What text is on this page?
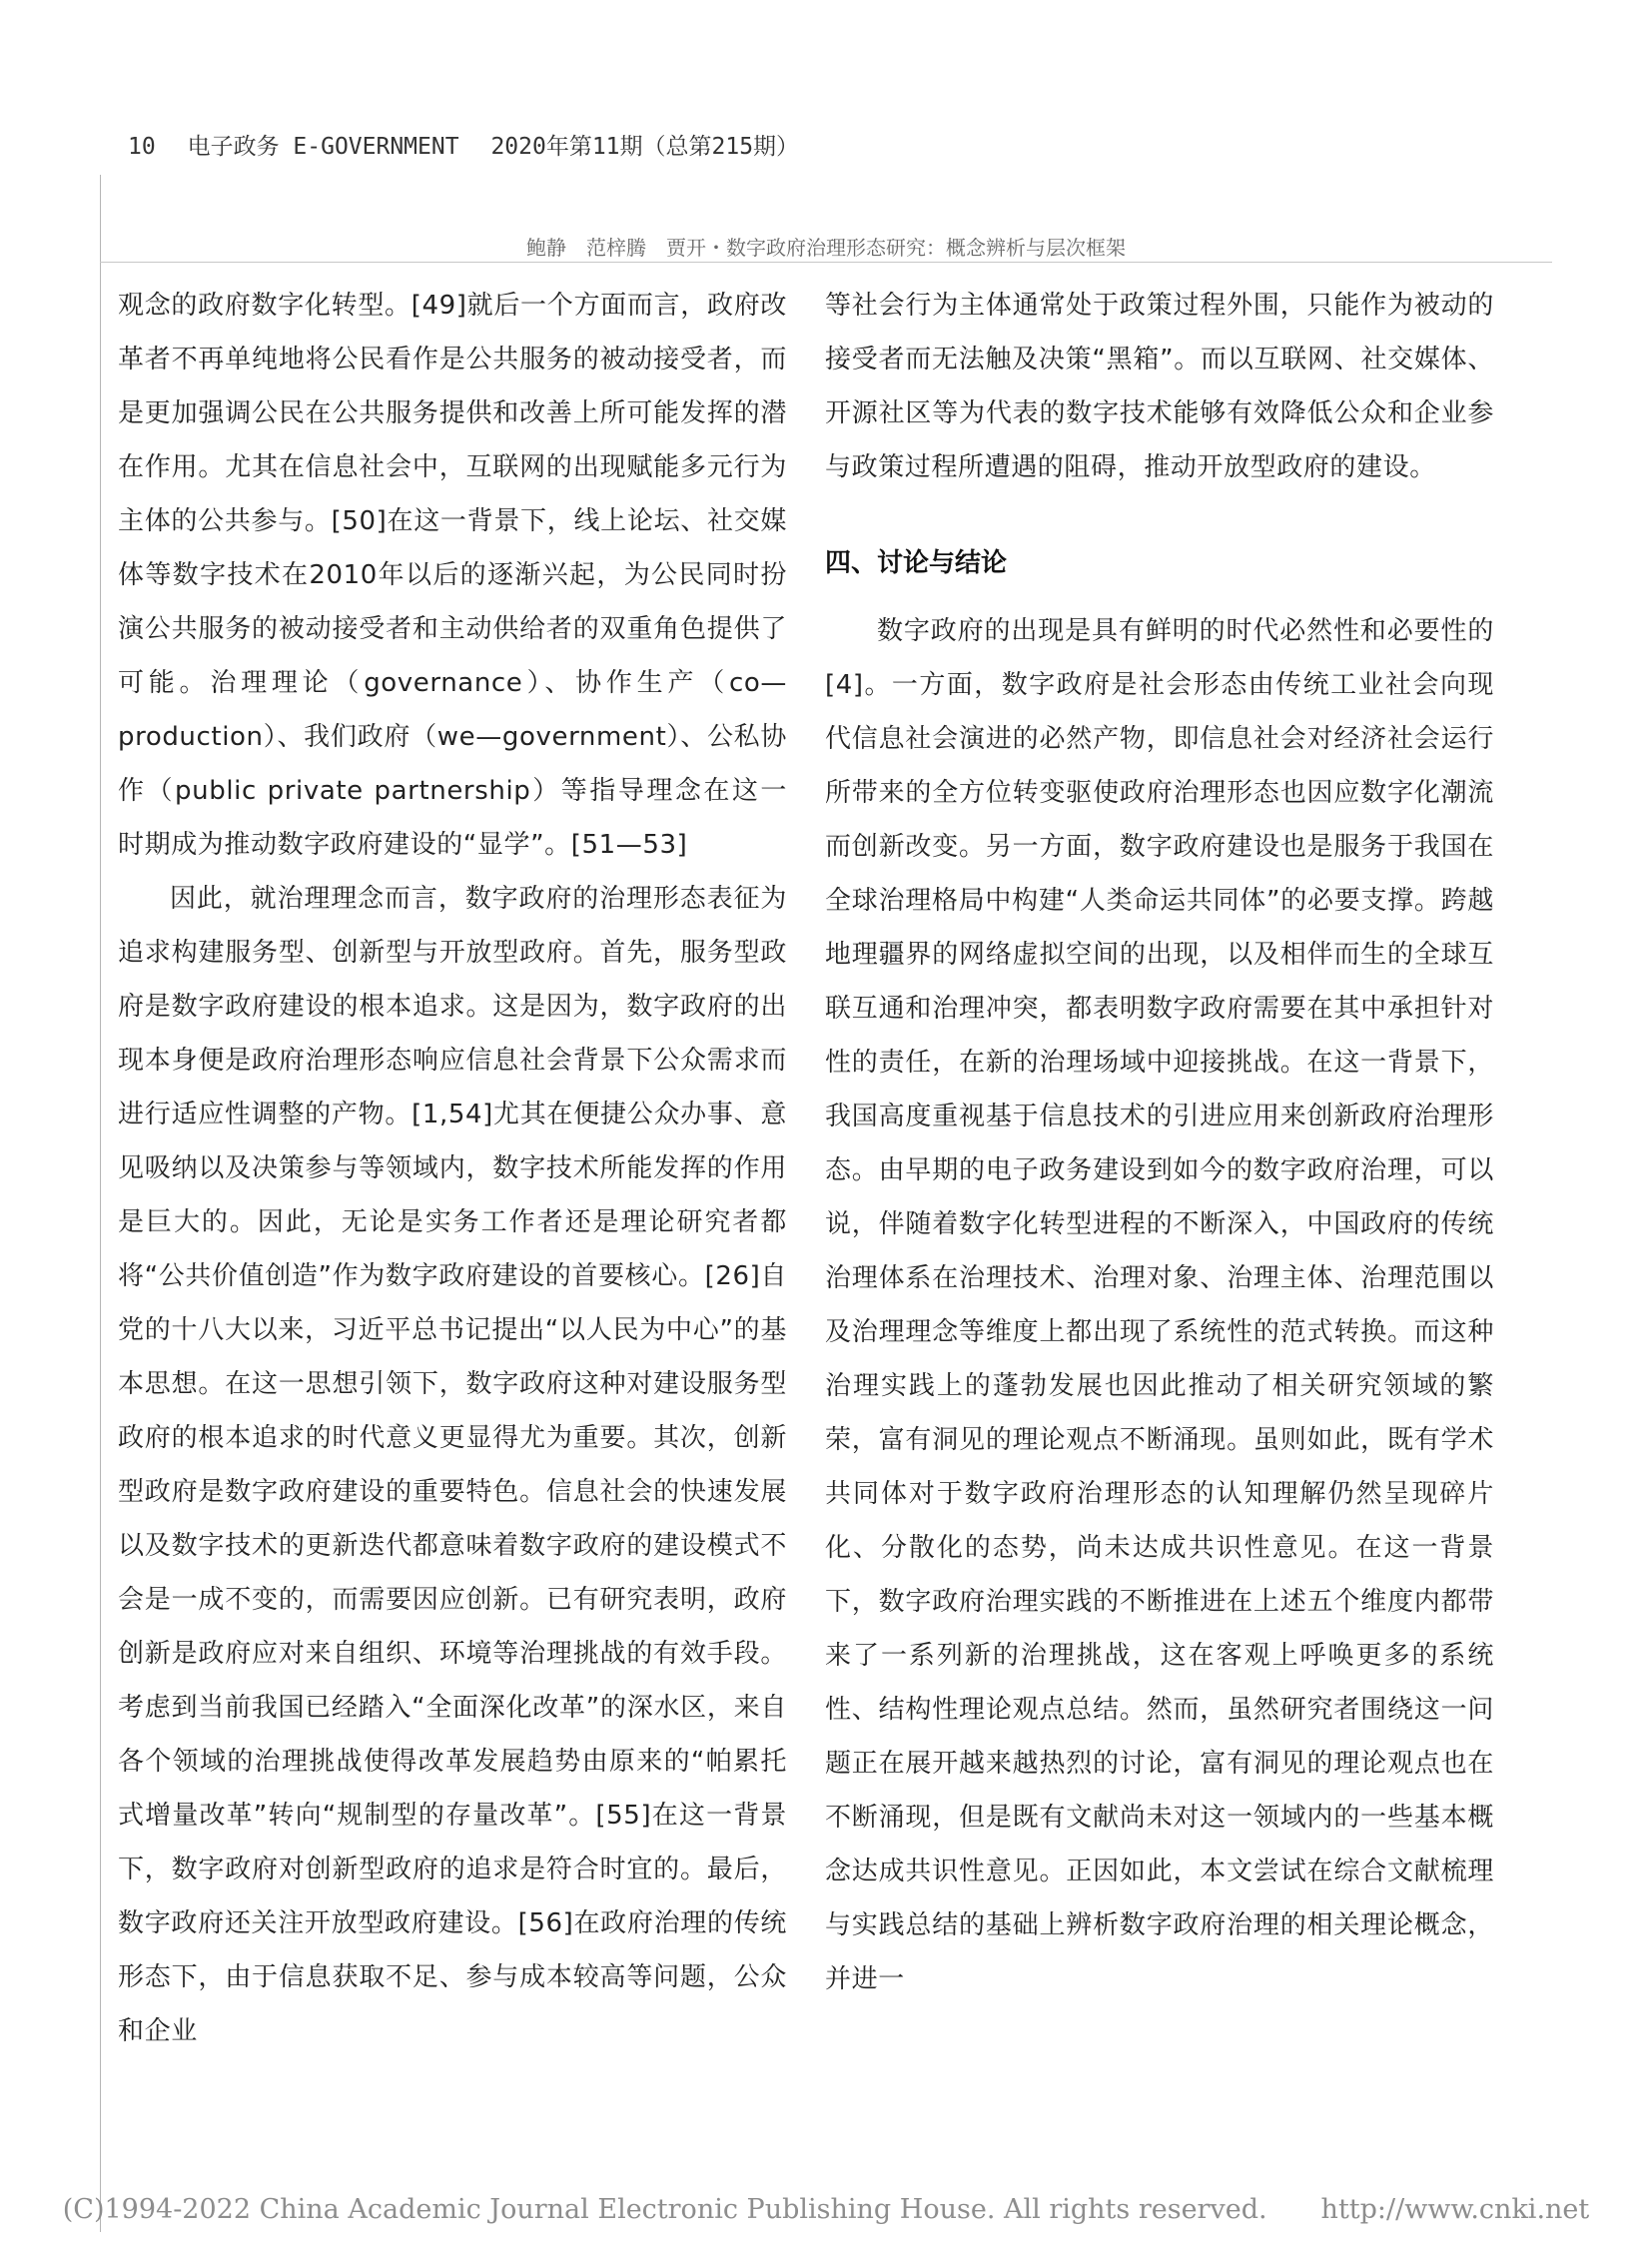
10 电子政务 E-GOVERNMENT 2020年第11期（总第215期）
鲍静　范梓腾　贾开・数字政府治理形态研究：概念辨析与层次框架

观念的政府数字化转型。[49]就后一个方面而言，政府改革者不再单纯地将公民看作是公共服务的被动接受者，而是更加强调公民在公共服务提供和改善上所可能发挥的潜在作用。尤其在信息社会中，互联网的出现赋能多元行为主体的公共参与。[50]在这一背景下，线上论坛、社交媒体等数字技术在2010年以后的逐渐兴起，为公民同时扮演公共服务的被动接受者和主动供给者的双重角色提供了可能。治理理论（governance）、协作生产（co—production）、我们政府（we—government）、公私协作（public private partnership）等指导理念在这一时期成为推动数字政府建设的“显学”。[51—53]

因此，就治理理念而言，数字政府的治理形态表征为追求构建服务型、创新型与开放型政府。首先，服务型政府是数字政府建设的根本追求。这是因为，数字政府的出现本身便是政府治理形态响应信息社会背景下公众需求而进行适应性调整的产物。[1,54]尤其在便捷公众办事、意见吸纳以及决策参与等领域内，数字技术所能发挥的作用是巨大的。因此，无论是实务工作者还是理论研究者都将“公共价值创造”作为数字政府建设的首要核心。[26]自党的十八大以来，习近平总书记提出“以人民为中心”的基本思想。在这一思想引领下，数字政府这种对建设服务型政府的根本追求的时代意义更显得尤为重要。其次，创新型政府是数字政府建设的重要特色。信息社会的快速发展以及数字技术的更新迭代都意味着数字政府的建设模式不会是一成不变的，而需要因应创新。已有研究表明，政府创新是政府应对来自组织、环境等治理挑战的有效手段。考虑到当前我国已经踏入“全面深化改革”的深水区，来自各个领域的治理挑战使得改革发展趋势由原来的“帕累托式增量改革”转向“规制型的存量改革”。[55]在这一背景下，数字政府对创新型政府的追求是符合时宜的。最后，数字政府还关注开放型政府建设。[56]在政府治理的传统形态下，由于信息获取不足、参与成本较高等问题，公众和企业

等社会行为主体通常处于政策过程外围，只能作为被动的接受者而无法触及决策“黑箱”。而以互联网、社交媒体、开源社区等为代表的数字技术能够有效降低公众和企业参与政策过程所遭遇的阻碍，推动开放型政府的建设。

四、讨论与结论

数字政府的出现是具有鲜明的时代必然性和必要性的[4]。一方面，数字政府是社会形态由传统工业社会向现代信息社会演进的必然产物，即信息社会对经济社会运行所带来的全方位转变驱使政府治理形态也因应数字化潮流而创新改变。另一方面，数字政府建设也是服务于我国在全球治理格局中构建“人类命运共同体”的必要支撑。跨越地理疆界的网络虚拟空间的出现，以及相伴而生的全球互联互通和治理冲突，都表明数字政府需要在其中承担针对性的责任，在新的治理场域中迎接挑战。在这一背景下，我国高度重视基于信息技术的引进应用来创新政府治理形态。由早期的电子政务建设到如今的数字政府治理，可以说，伴随着数字化转型进程的不断深入，中国政府的传统治理体系在治理技术、治理对象、治理主体、治理范围以及治理理念等维度上都出现了系统性的范式转换。而这种治理实践上的蓬勃发展也因此推动了相关研究领域的繁荣，富有洞见的理论观点不断涌现。虽则如此，既有学术共同体对于数字政府治理形态的认知理解仍然呈现碎片化、分散化的态势，尚未达成共识性意见。在这一背景下，数字政府治理实践的不断推进在上述五个维度内都带来了一系列新的治理挑战，这在客观上呼唤更多的系统性、结构性理论观点总结。然而，虽然研究者围绕这一问题正在展开越来越热烈的讨论，富有洞见的理论观点也在不断涌现，但是既有文献尚未对这一领域内的一些基本概念达成共识性意见。正因如此，本文尝试在综合文献梳理与实践总结的基础上辨析数字政府治理的相关理论概念，并进一

(C)1994-2022 China Academic Journal Electronic Publishing House. All rights reserved.　　http://www.cnki.net
